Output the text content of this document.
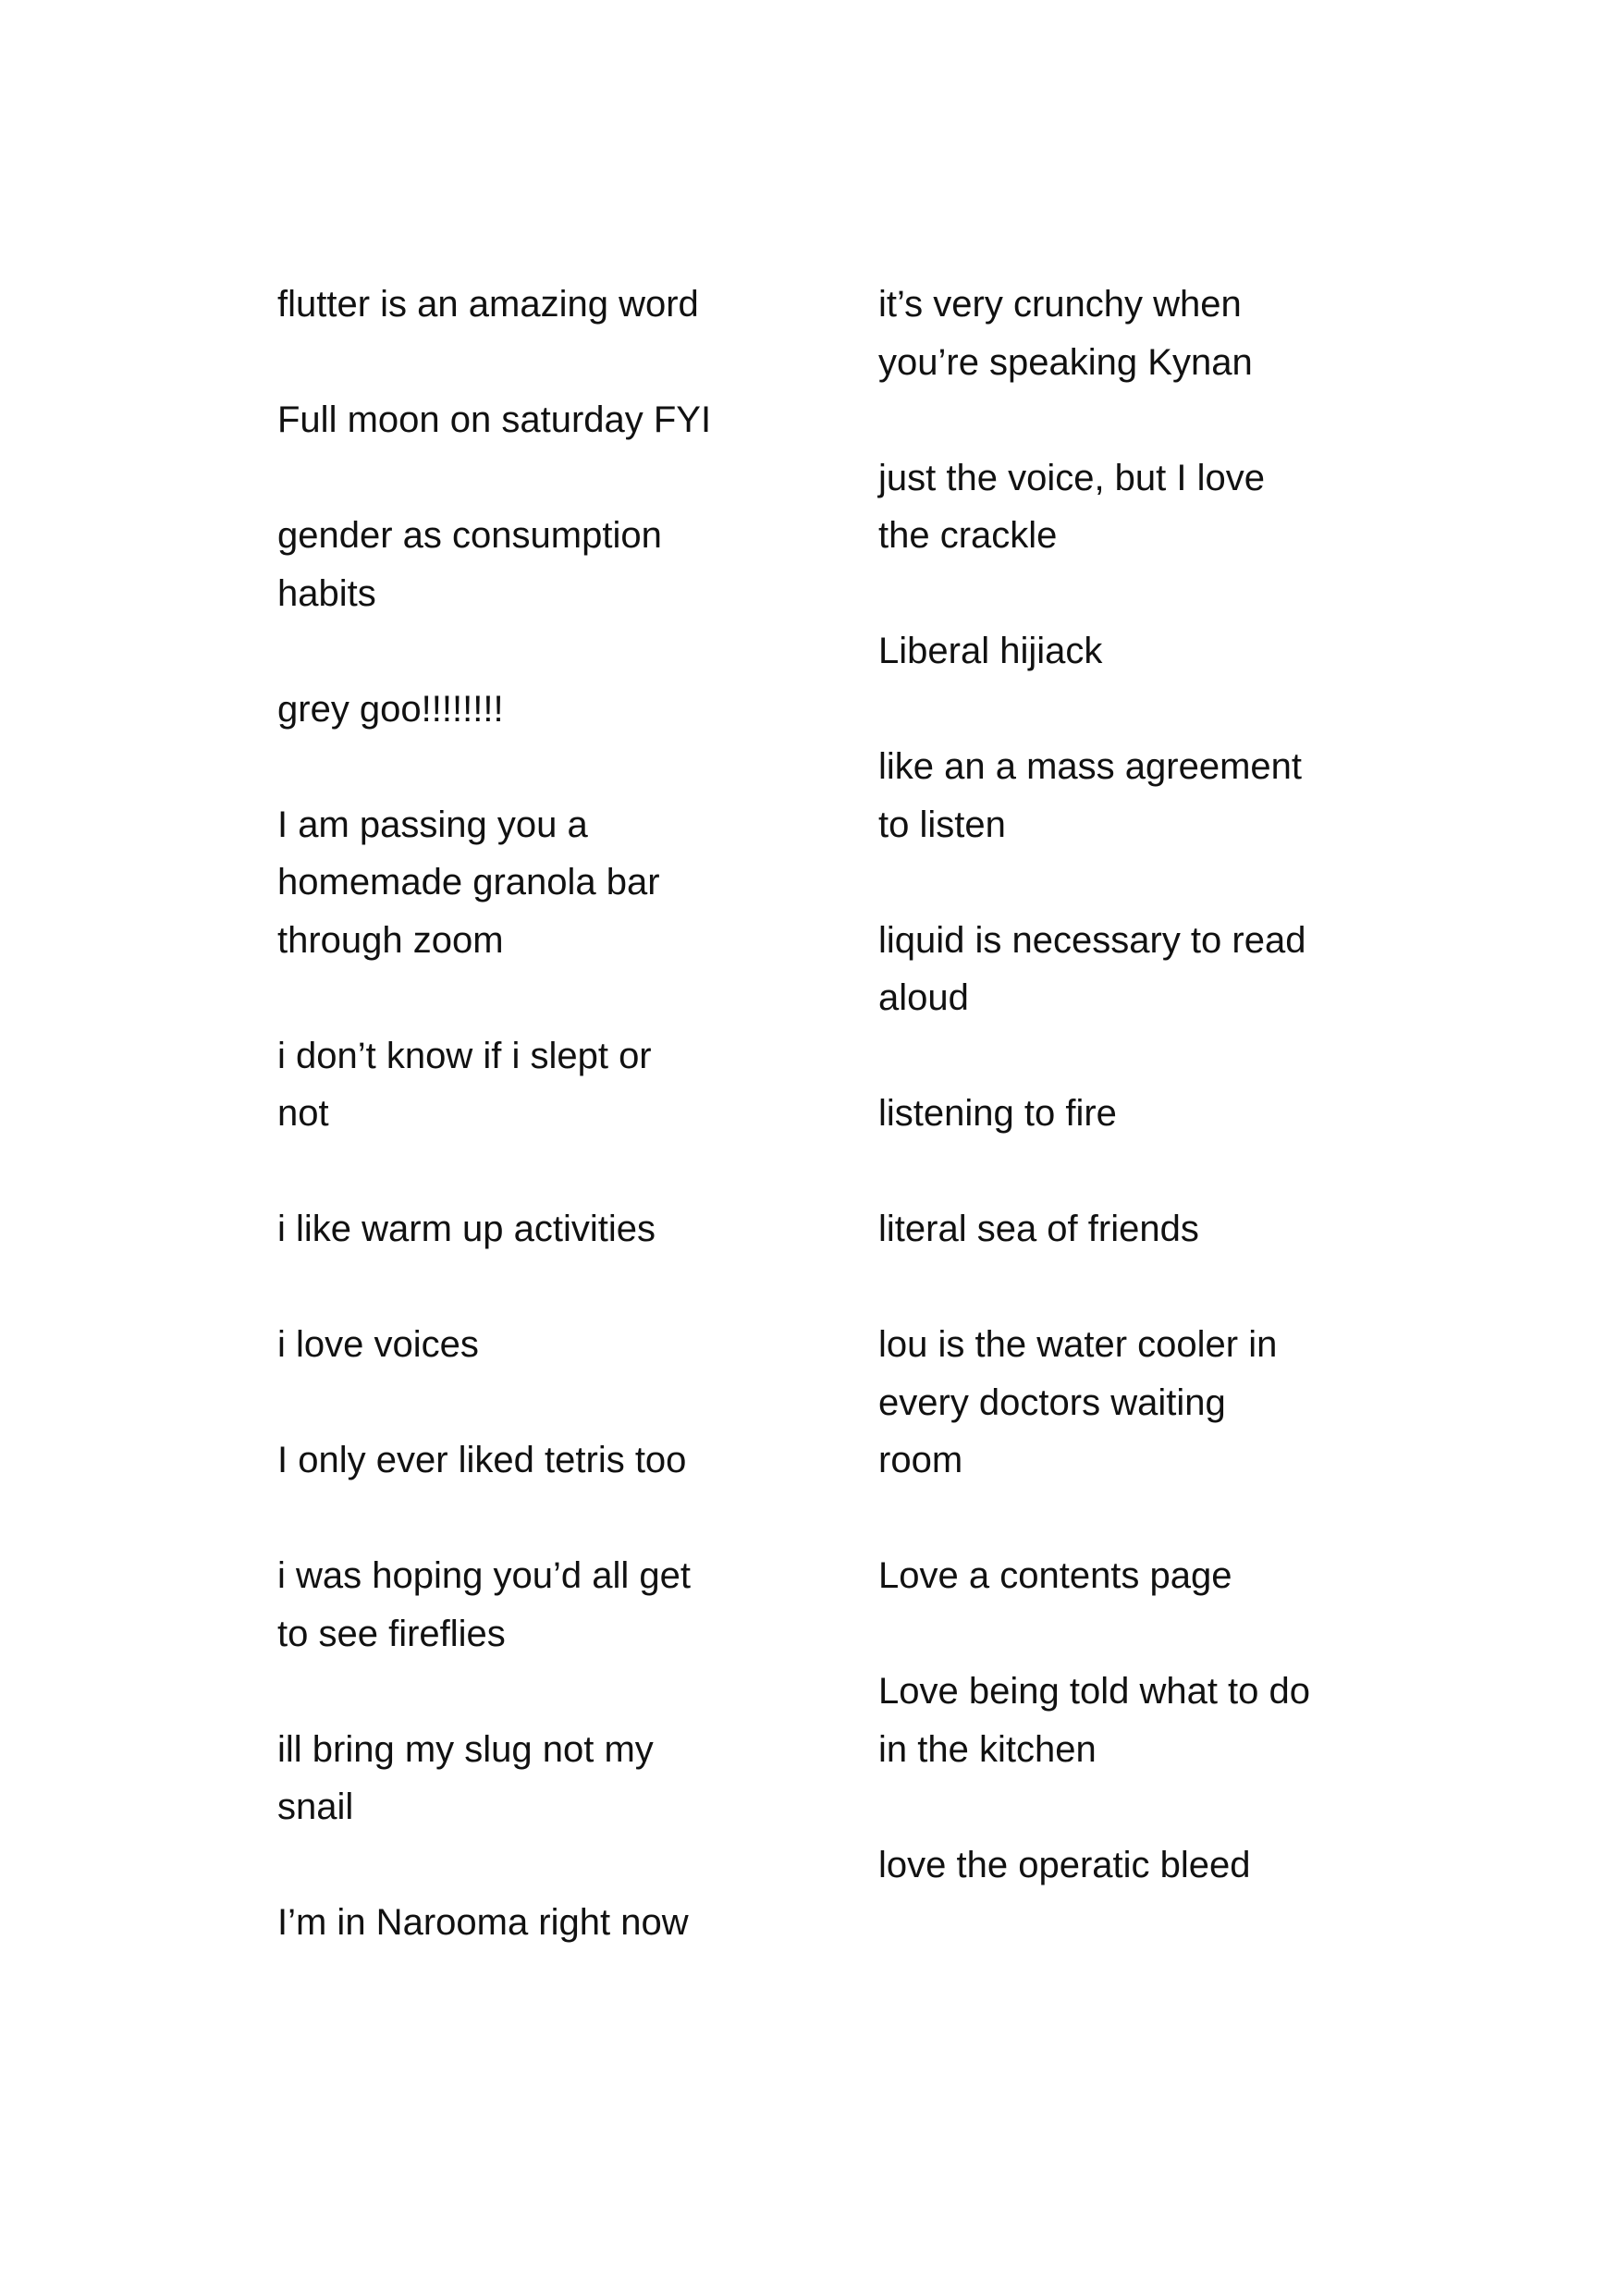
flutter is an amazing word

Full moon on saturday FYI

gender as consumption
habits

grey goo!!!!!!!!

I am passing you a
homemade granola bar
through zoom

i don’t know if i slept or
not

i like warm up activities

i love voices

I only ever liked tetris too

i was hoping you’d all get
to see fireflies

ill bring my slug not my
snail

I’m in Narooma right now

it’s very crunchy when
you’re speaking Kynan

just the voice, but I love
the crackle

Liberal hijiack

like an a mass agreement
to listen

liquid is necessary to read
aloud

listening to fire

literal sea of friends

lou is the water cooler in
every doctors waiting
room

Love a contents page

Love being told what to do
in the kitchen

love the operatic bleed
